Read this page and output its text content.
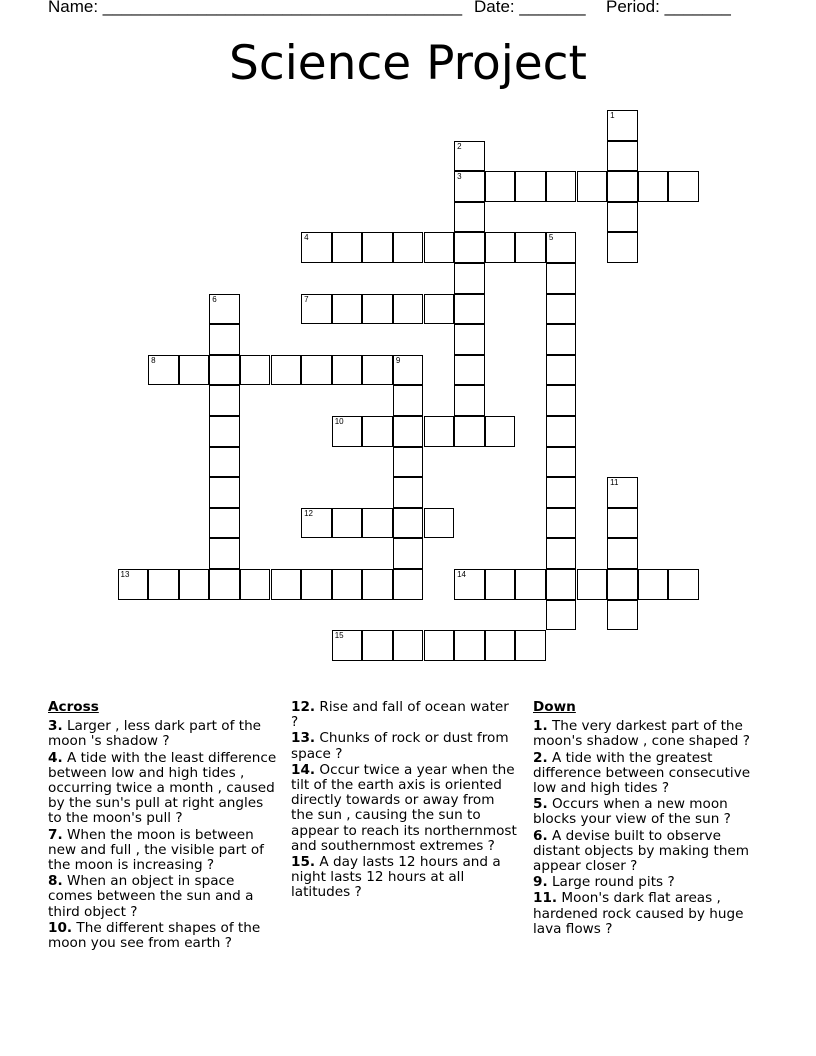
Name: ______________________________________ Date: _______ Period: _______
Science Project
1
2
3
4	5
6	7
8	9
10
11
12
13	14
15
Across
3. Larger , less dark part of the moon 's shadow ?
4. A tide with the least difference between low and high tides , occurring twice a month , caused by the sun's pull at right angles to the moon's pull ?
7. When the moon is between new and full , the visible part of the moon is increasing ?
8. When an object in space comes between the sun and a third object ?
10. The different shapes of the moon you see from earth ?
12. Rise and fall of ocean water ?
13. Chunks of rock or dust from space ?
14. Occur twice a year when the tilt of the earth axis is oriented directly towards or away from the sun , causing the sun to appear to reach its northernmost and southernmost extremes ?
15. A day lasts 12 hours and a night lasts 12 hours at all latitudes ?
Down
1. The very darkest part of the moon's shadow , cone shaped ?
2. A tide with the greatest difference between consecutive low and high tides ?
5. Occurs when a new moon blocks your view of the sun ?
6. A devise built to observe distant objects by making them appear closer ?
9. Large round pits ?
11. Moon's dark flat areas , hardened rock caused by huge lava flows ?
